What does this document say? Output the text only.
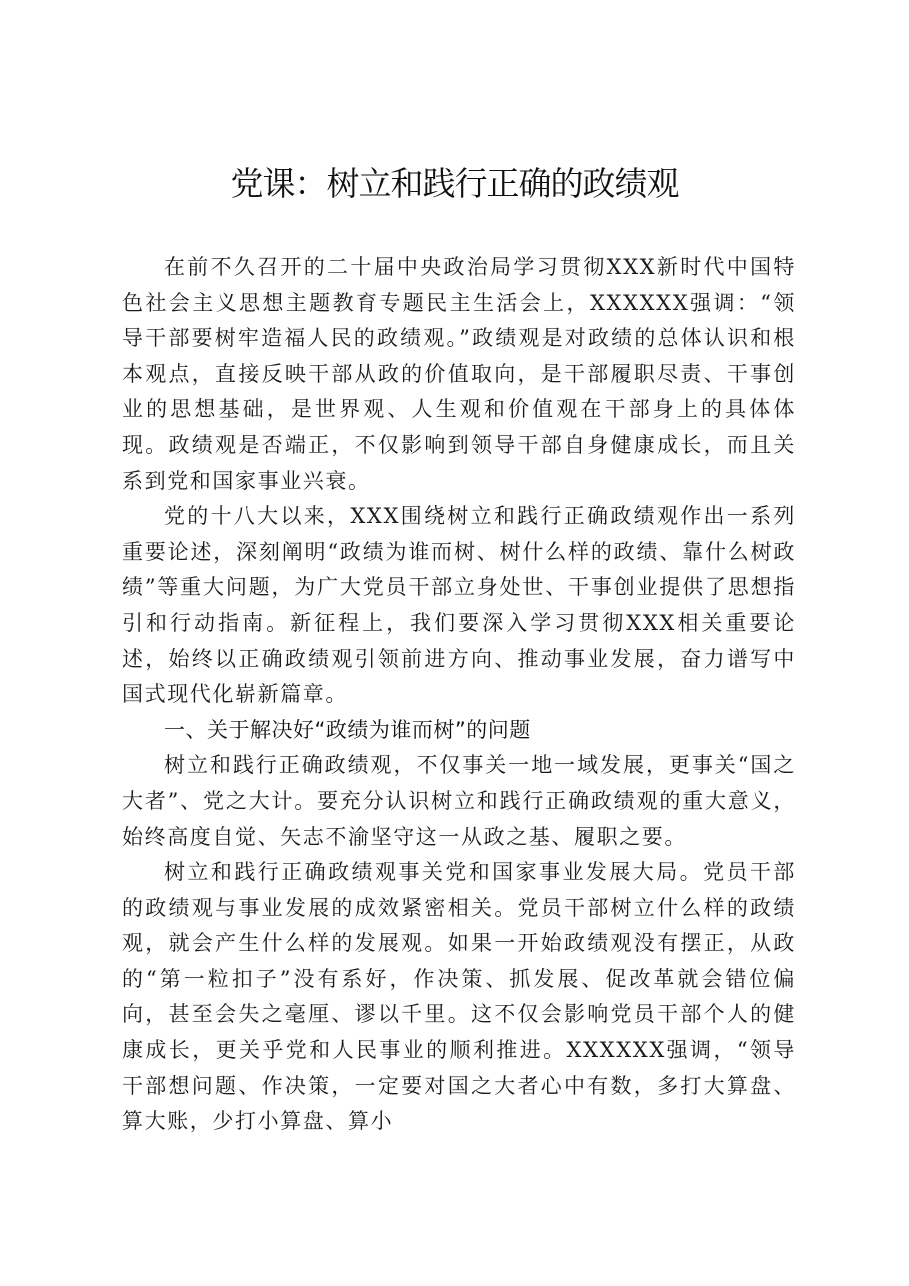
党课：树立和践行正确的政绩观

在前不久召开的二十届中央政治局学习贯彻XXX新时代中国特色社会主义思想主题教育专题民主生活会上，XXXXXX强调：“领导干部要树牢造福人民的政绩观。”政绩观是对政绩的总体认识和根本观点，直接反映干部从政的价值取向，是干部履职尽责、干事创业的思想基础，是世界观、人生观和价值观在干部身上的具体体现。政绩观是否端正，不仅影响到领导干部自身健康成长，而且关系到党和国家事业兴衰。

党的十八大以来，XXX围绕树立和践行正确政绩观作出一系列重要论述，深刻阐明“政绩为谁而树、树什么样的政绩、靠什么树政绩”等重大问题，为广大党员干部立身处世、干事创业提供了思想指引和行动指南。新征程上，我们要深入学习贯彻XXX相关重要论述，始终以正确政绩观引领前进方向、推动事业发展，奋力谱写中国式现代化崭新篇章。

一、关于解决好“政绩为谁而树”的问题

树立和践行正确政绩观，不仅事关一地一域发展，更事关“国之大者”、党之大计。要充分认识树立和践行正确政绩观的重大意义，始终高度自觉、矢志不渝坚守这一从政之基、履职之要。

树立和践行正确政绩观事关党和国家事业发展大局。党员干部的政绩观与事业发展的成效紧密相关。党员干部树立什么样的政绩观，就会产生什么样的发展观。如果一开始政绩观没有摆正，从政的“第一粒扣子”没有系好，作决策、抓发展、促改革就会错位偏向，甚至会失之毫厘、谬以千里。这不仅会影响党员干部个人的健康成长，更关乎党和人民事业的顺利推进。XXXXXX强调，“领导干部想问题、作决策，一定要对国之大者心中有数，多打大算盘、算大账，少打小算盘、算小
